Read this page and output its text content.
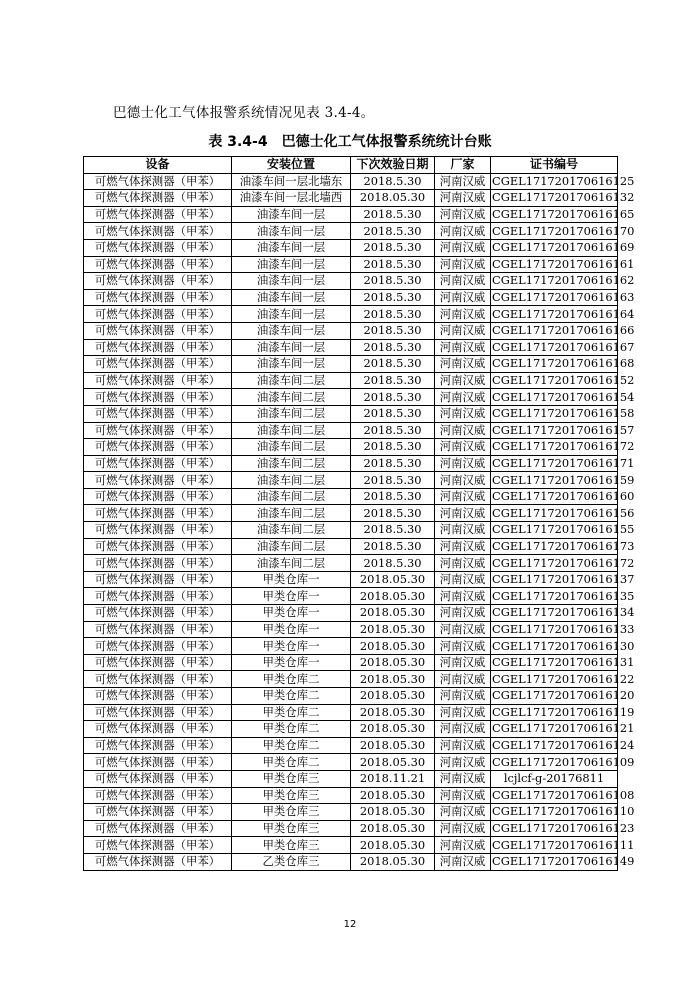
巴德士化工气体报警系统情况见表 3.4-4。
表 3.4-4　巴德士化工气体报警系统统计台账
设备	安装位置	下次效验日期	厂家	证书编号
可燃气体探测器（甲苯）	油漆车间一层北墙东	2018.5.30	河南汉威	CGEL171720170616125
可燃气体探测器（甲苯）	油漆车间一层北墙西	2018.05.30	河南汉威	CGEL171720170616132
可燃气体探测器（甲苯）	油漆车间一层	2018.5.30	河南汉威	CGEL171720170616165
可燃气体探测器（甲苯）	油漆车间一层	2018.5.30	河南汉威	CGEL171720170616170
可燃气体探测器（甲苯）	油漆车间一层	2018.5.30	河南汉威	CGEL171720170616169
可燃气体探测器（甲苯）	油漆车间一层	2018.5.30	河南汉威	CGEL171720170616161
可燃气体探测器（甲苯）	油漆车间一层	2018.5.30	河南汉威	CGEL171720170616162
可燃气体探测器（甲苯）	油漆车间一层	2018.5.30	河南汉威	CGEL171720170616163
可燃气体探测器（甲苯）	油漆车间一层	2018.5.30	河南汉威	CGEL171720170616164
可燃气体探测器（甲苯）	油漆车间一层	2018.5.30	河南汉威	CGEL171720170616166
可燃气体探测器（甲苯）	油漆车间一层	2018.5.30	河南汉威	CGEL171720170616167
可燃气体探测器（甲苯）	油漆车间一层	2018.5.30	河南汉威	CGEL171720170616168
可燃气体探测器（甲苯）	油漆车间二层	2018.5.30	河南汉威	CGEL171720170616152
可燃气体探测器（甲苯）	油漆车间二层	2018.5.30	河南汉威	CGEL171720170616154
可燃气体探测器（甲苯）	油漆车间二层	2018.5.30	河南汉威	CGEL171720170616158
可燃气体探测器（甲苯）	油漆车间二层	2018.5.30	河南汉威	CGEL171720170616157
可燃气体探测器（甲苯）	油漆车间二层	2018.5.30	河南汉威	CGEL171720170616172
可燃气体探测器（甲苯）	油漆车间二层	2018.5.30	河南汉威	CGEL171720170616171
可燃气体探测器（甲苯）	油漆车间二层	2018.5.30	河南汉威	CGEL171720170616159
可燃气体探测器（甲苯）	油漆车间二层	2018.5.30	河南汉威	CGEL171720170616160
可燃气体探测器（甲苯）	油漆车间二层	2018.5.30	河南汉威	CGEL171720170616156
可燃气体探测器（甲苯）	油漆车间二层	2018.5.30	河南汉威	CGEL171720170616155
可燃气体探测器（甲苯）	油漆车间二层	2018.5.30	河南汉威	CGEL171720170616173
可燃气体探测器（甲苯）	油漆车间二层	2018.5.30	河南汉威	CGEL171720170616172
可燃气体探测器（甲苯）	甲类仓库一	2018.05.30	河南汉威	CGEL171720170616137
可燃气体探测器（甲苯）	甲类仓库一	2018.05.30	河南汉威	CGEL171720170616135
可燃气体探测器（甲苯）	甲类仓库一	2018.05.30	河南汉威	CGEL171720170616134
可燃气体探测器（甲苯）	甲类仓库一	2018.05.30	河南汉威	CGEL171720170616133
可燃气体探测器（甲苯）	甲类仓库一	2018.05.30	河南汉威	CGEL171720170616130
可燃气体探测器（甲苯）	甲类仓库一	2018.05.30	河南汉威	CGEL171720170616131
可燃气体探测器（甲苯）	甲类仓库二	2018.05.30	河南汉威	CGEL171720170616122
可燃气体探测器（甲苯）	甲类仓库二	2018.05.30	河南汉威	CGEL171720170616120
可燃气体探测器（甲苯）	甲类仓库二	2018.05.30	河南汉威	CGEL171720170616119
可燃气体探测器（甲苯）	甲类仓库二	2018.05.30	河南汉威	CGEL171720170616121
可燃气体探测器（甲苯）	甲类仓库二	2018.05.30	河南汉威	CGEL171720170616124
可燃气体探测器（甲苯）	甲类仓库二	2018.05.30	河南汉威	CGEL171720170616109
可燃气体探测器（甲苯）	甲类仓库三	2018.11.21	河南汉威	lcjlcf-g-20176811
可燃气体探测器（甲苯）	甲类仓库三	2018.05.30	河南汉威	CGEL171720170616108
可燃气体探测器（甲苯）	甲类仓库三	2018.05.30	河南汉威	CGEL171720170616110
可燃气体探测器（甲苯）	甲类仓库三	2018.05.30	河南汉威	CGEL171720170616123
可燃气体探测器（甲苯）	甲类仓库三	2018.05.30	河南汉威	CGEL171720170616111
可燃气体探测器（甲苯）	乙类仓库三	2018.05.30	河南汉威	CGEL171720170616149
12
